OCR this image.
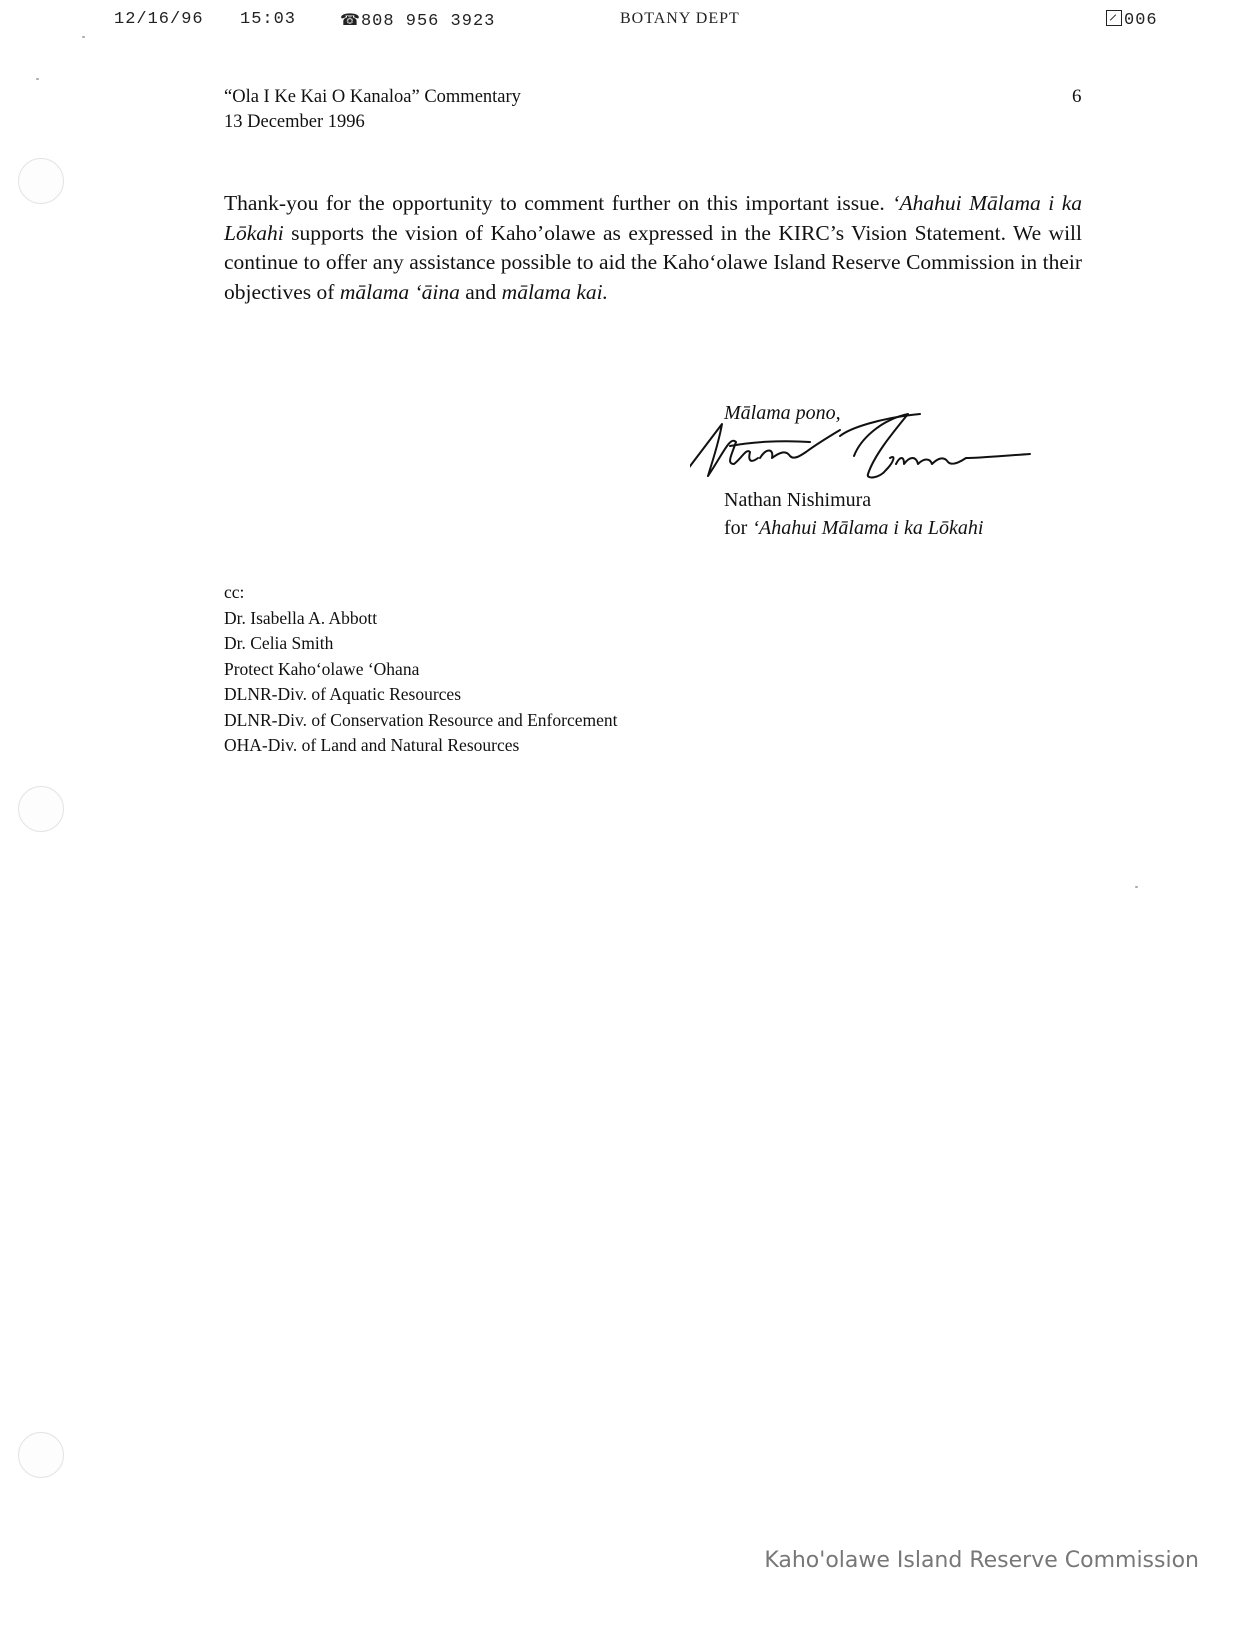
12/16/96 15:03	☎808 956 3923	BOTANY DEPT	006
“Ola I Ke Kai O Kanaloa” Commentary
13 December 1996
6
Thank-you for the opportunity to comment further on this important issue. ‘Ahahui Mālama i ka Lōkahi supports the vision of Kaho’olawe as expressed in the KIRC’s Vision Statement. We will continue to offer any assistance possible to aid the Kaho‘olawe Island Reserve Commission in their objectives of mālama ‘āina and mālama kai.
Mālama pono,
Nathan Nishimura
for ‘Ahahui Mālama i ka Lōkahi
cc:
Dr. Isabella A. Abbott
Dr. Celia Smith
Protect Kaho‘olawe ‘Ohana
DLNR-Div. of Aquatic Resources
DLNR-Div. of Conservation Resource and Enforcement
OHA-Div. of Land and Natural Resources
Kaho'olawe Island Reserve Commission
